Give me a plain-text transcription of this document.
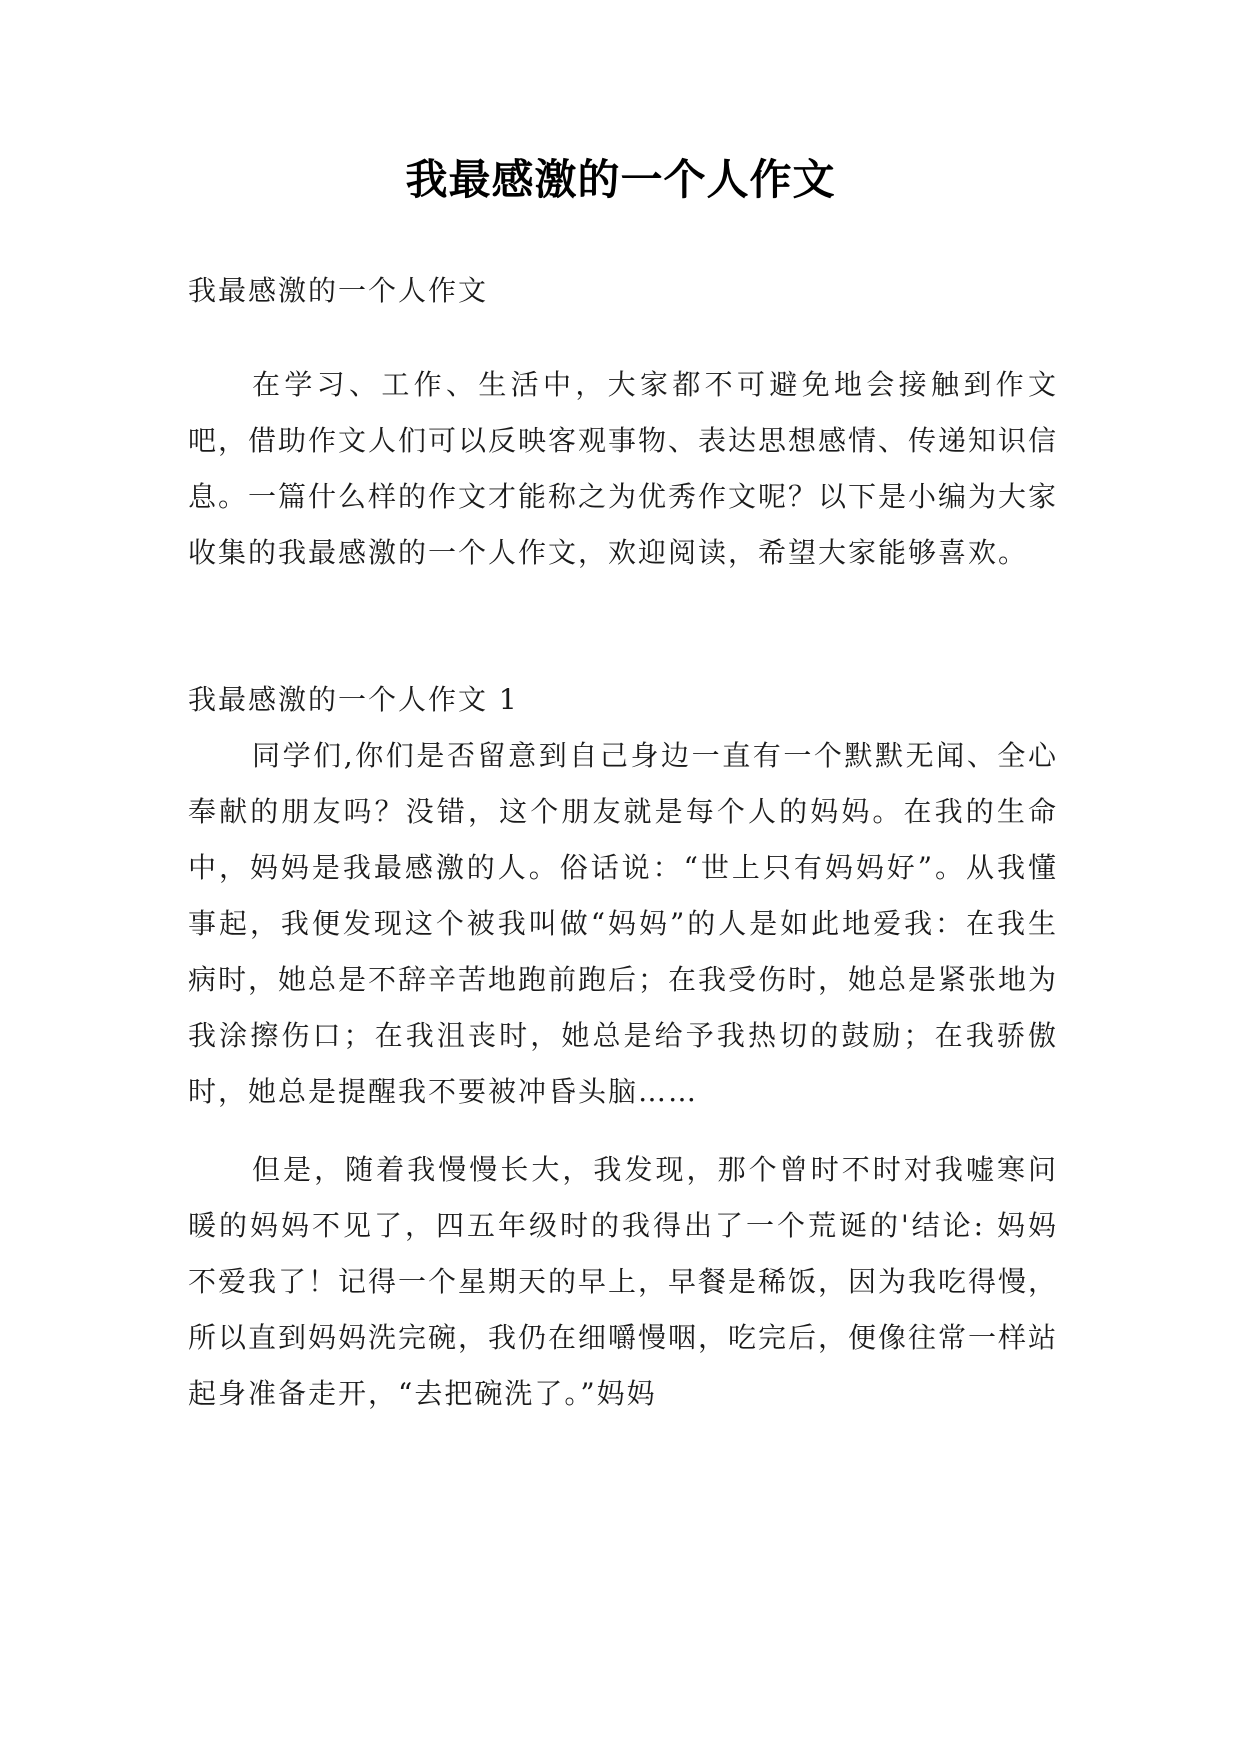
我最感激的一个人作文

我最感激的一个人作文

在学习、工作、生活中，大家都不可避免地会接触到作文吧，借助作文人们可以反映客观事物、表达思想感情、传递知识信息。一篇什么样的作文才能称之为优秀作文呢？以下是小编为大家收集的我最感激的一个人作文，欢迎阅读，希望大家能够喜欢。

我最感激的一个人作文 1

同学们,你们是否留意到自己身边一直有一个默默无闻、全心奉献的朋友吗？没错，这个朋友就是每个人的妈妈。在我的生命中，妈妈是我最感激的人。俗话说：“世上只有妈妈好”。从我懂事起，我便发现这个被我叫做“妈妈”的人是如此地爱我：在我生病时，她总是不辞辛苦地跑前跑后；在我受伤时，她总是紧张地为我涂擦伤口；在我沮丧时，她总是给予我热切的鼓励；在我骄傲时，她总是提醒我不要被冲昏头脑……

但是，随着我慢慢长大，我发现，那个曾时不时对我嘘寒问暖的妈妈不见了，四五年级时的我得出了一个荒诞的'结论: 妈妈不爱我了！记得一个星期天的早上，早餐是稀饭，因为我吃得慢，所以直到妈妈洗完碗，我仍在细嚼慢咽，吃完后，便像往常一样站起身准备走开，“去把碗洗了。”妈妈
